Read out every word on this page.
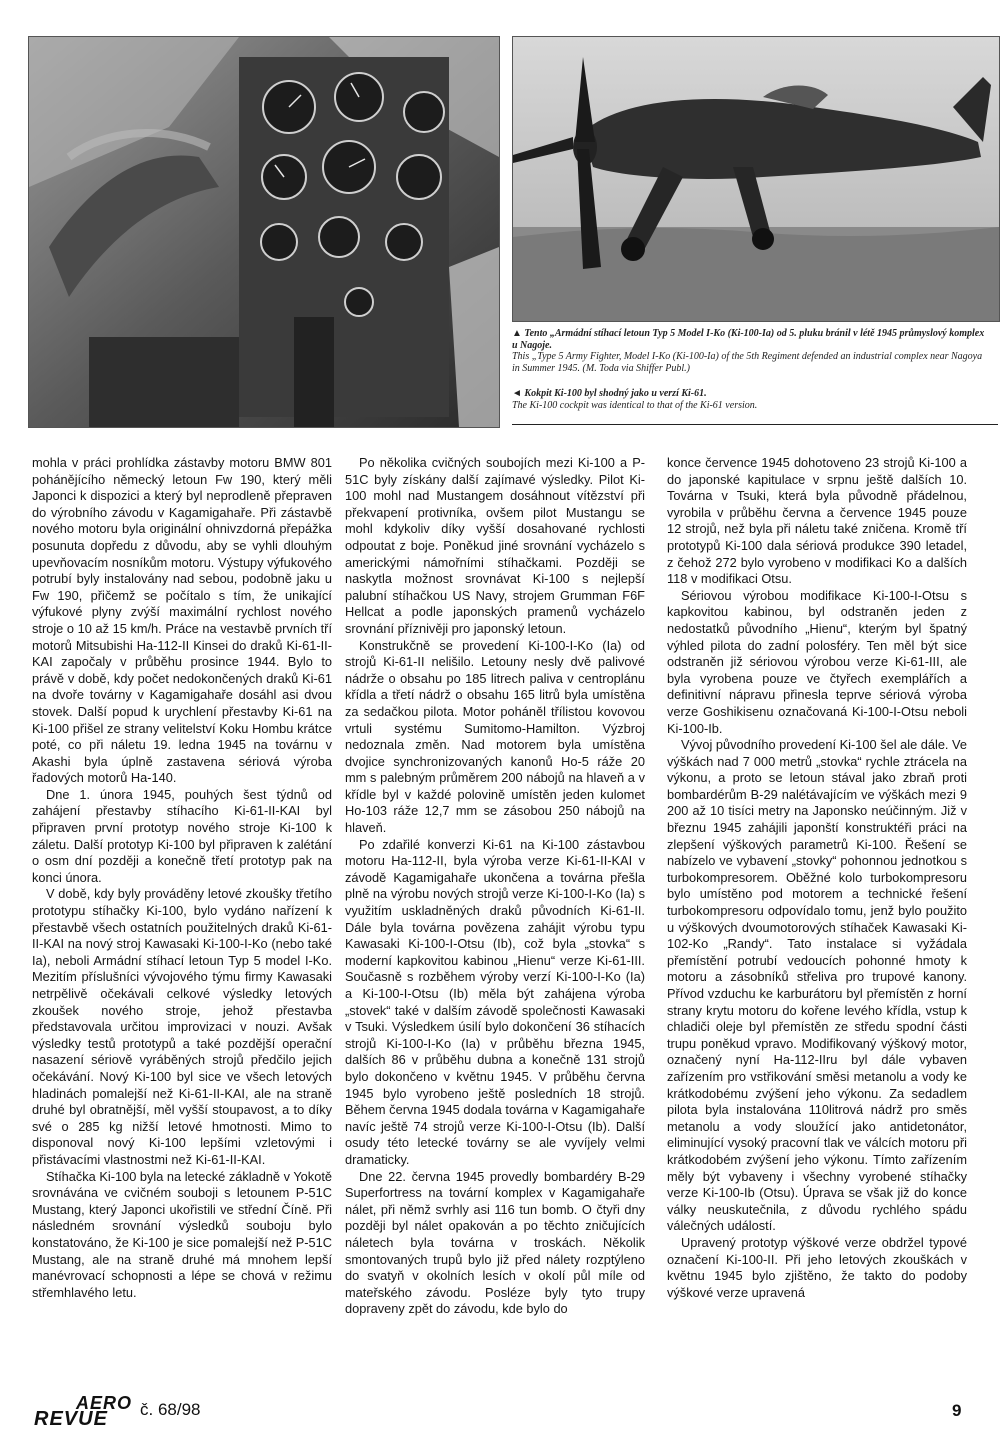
▲ Tento „Armádní stíhací letoun Typ 5 Model I-Ko (Ki-100-Ia) od 5. pluku bránil v létě 1945 průmyslový komplex u Nagoje.

This „Type 5 Army Fighter, Model I-Ko (Ki-100-Ia) of the 5th Regiment defended an industrial complex near Nagoya in Summer 1945. (M. Toda via Shiffer Publ.)

◄ Kokpit Ki-100 byl shodný jako u verzí Ki-61.

The Ki-100 cockpit was identical to that of the Ki-61 version.

mohla v práci prohlídka zástavby motoru BMW 801 pohánějícího německý letoun Fw 190, který měli Japonci k dispozici a který byl neprodleně přepraven do výrobního závodu v Kagamigahaře. Při zástavbě nového motoru byla originální ohnivzdorná přepážka posunuta dopředu z důvodu, aby se vyhli dlouhým upevňovacím nosníkům motoru. Výstupy výfukového potrubí byly instalovány nad sebou, podobně jaku u Fw 190, přičemž se počítalo s tím, že unikající výfukové plyny zvýší maximální rychlost nového stroje o 10 až 15 km/h. Práce na vestavbě prvních tří motorů Mitsubishi Ha-112-II Kinsei do draků Ki-61-II-KAI započaly v průběhu prosince 1944. Bylo to právě v době, kdy počet nedokončených draků Ki-61 na dvoře továrny v Kagamigahaře dosáhl asi dvou stovek. Další popud k urychlení přestavby Ki-61 na Ki-100 přišel ze strany velitelství Koku Hombu krátce poté, co při náletu 19. ledna 1945 na továrnu v Akashi byla úplně zastavena sériová výroba řadových motorů Ha-140.

Dne 1. února 1945, pouhých šest týdnů od zahájení přestavby stíhacího Ki-61-II-KAI byl připraven první prototyp nového stroje Ki-100 k záletu. Další prototyp Ki-100 byl připraven k zalétání o osm dní později a konečně třetí prototyp pak na konci února.

V době, kdy byly prováděny letové zkoušky třetího prototypu stíhačky Ki-100, bylo vydáno nařízení k přestavbě všech ostatních použitelných draků Ki-61-II-KAI na nový stroj Kawasaki Ki-100-I-Ko (nebo také Ia), neboli Armádní stíhací letoun Typ 5 model I-Ko. Mezitím příslušníci vývojového týmu firmy Kawasaki netrpělivě očekávali celkové výsledky letových zkoušek nového stroje, jehož přestavba představovala určitou improvizaci v nouzi. Avšak výsledky testů prototypů a také pozdější operační nasazení sériově vyráběných strojů předčilo jejich očekávání. Nový Ki-100 byl sice ve všech letových hladinách pomalejší než Ki-61-II-KAI, ale na straně druhé byl obratnější, měl vyšší stoupavost, a to díky své o 285 kg nižší letové hmotnosti. Mimo to disponoval nový Ki-100 lepšími vzletovými i přistávacími vlastnostmi než Ki-61-II-KAI.

Stíhačka Ki-100 byla na letecké základně v Yokotě srovnávána ve cvičném souboji s letounem P-51C Mustang, který Japonci ukořistili ve střední Číně. Při následném srovnání výsledků souboju bylo konstatováno, že Ki-100 je sice pomalejší než P-51C Mustang, ale na straně druhé má mnohem lepší manévrovací schopnosti a lépe se chová v režimu střemhlavého letu.

Po několika cvičných soubojích mezi Ki-100 a P-51C byly získány další zajímavé výsledky. Pilot Ki-100 mohl nad Mustangem dosáhnout vítězství při překvapení protivníka, ovšem pilot Mustangu se mohl kdykoliv díky vyšší dosahované rychlosti odpoutat z boje. Poněkud jiné srovnání vycházelo s americkými námořními stíhačkami. Později se naskytla možnost srovnávat Ki-100 s nejlepší palubní stíhačkou US Navy, strojem Grumman F6F Hellcat a podle japonských pramenů vycházelo srovnání příznivěji pro japonský letoun.

Konstrukčně se provedení Ki-100-I-Ko (Ia) od strojů Ki-61-II nelišilo. Letouny nesly dvě palivové nádrže o obsahu po 185 litrech paliva v centroplánu křídla a třetí nádrž o obsahu 165 litrů byla umístěna za sedačkou pilota. Motor poháněl třílistou kovovou vrtuli systému Sumitomo-Hamilton. Výzbroj nedoznala změn. Nad motorem byla umístěna dvojice synchronizovaných kanonů Ho-5 ráže 20 mm s palebným průměrem 200 nábojů na hlaveň a v křídle byl v každé polovině umístěn jeden kulomet Ho-103 ráže 12,7 mm se zásobou 250 nábojů na hlaveň.

Po zdařilé konverzi Ki-61 na Ki-100 zástavbou motoru Ha-112-II, byla výroba verze Ki-61-II-KAI v závodě Kagamigahaře ukončena a továrna přešla plně na výrobu nových strojů verze Ki-100-I-Ko (Ia) s využitím uskladněných draků původních Ki-61-II. Dále byla továrna povězena zahájit výrobu typu Kawasaki Ki-100-I-Otsu (Ib), což byla „stovka“ s moderní kapkovitou kabinou „Hienu“ verze Ki-61-III. Současně s rozběhem výroby verzí Ki-100-I-Ko (Ia) a Ki-100-I-Otsu (Ib) měla být zahájena výroba „stovek“ také v dalším závodě společnosti Kawasaki v Tsuki. Výsledkem úsilí bylo dokončení 36 stíhacích strojů Ki-100-I-Ko (Ia) v průběhu března 1945, dalších 86 v průběhu dubna a konečně 131 strojů bylo dokončeno v květnu 1945. V průběhu června 1945 bylo vyrobeno ještě posledních 18 strojů. Během června 1945 dodala továrna v Kagamigahaře navíc ještě 74 strojů verze Ki-100-I-Otsu (Ib). Další osudy této letecké továrny se ale vyvíjely velmi dramaticky.

Dne 22. června 1945 provedly bombardéry B-29 Superfortress na tovární komplex v Kagamigahaře nálet, při němž svrhly asi 116 tun bomb. O čtyři dny později byl nálet opakován a po těchto zničujících náletech byla továrna v troskách. Několik smontovaných trupů bylo již před nálety rozptýleno do svatyň v okolních lesích v okolí půl míle od mateřského závodu. Posléze byly tyto trupy dopraveny zpět do závodu, kde bylo do

konce července 1945 dohotoveno 23 strojů Ki-100 a do japonské kapitulace v srpnu ještě dalších 10. Továrna v Tsuki, která byla původně přádelnou, vyrobila v průběhu června a července 1945 pouze 12 strojů, než byla při náletu také zničena. Kromě tří prototypů Ki-100 dala sériová produkce 390 letadel, z čehož 272 bylo vyrobeno v modifikaci Ko a dalších 118 v modifikaci Otsu.

Sériovou výrobou modifikace Ki-100-I-Otsu s kapkovitou kabinou, byl odstraněn jeden z nedostatků původního „Hienu“, kterým byl špatný výhled pilota do zadní polosféry. Ten měl být sice odstraněn již sériovou výrobou verze Ki-61-III, ale byla vyrobena pouze ve čtyřech exemplářích a definitivní nápravu přinesla teprve sériová výroba verze Goshikisenu označovaná Ki-100-I-Otsu neboli Ki-100-Ib.

Vývoj původního provedení Ki-100 šel ale dále. Ve výškách nad 7 000 metrů „stovka“ rychle ztrácela na výkonu, a proto se letoun stával jako zbraň proti bombardérům B-29 nalétávajícím ve výškách mezi 9 200 až 10 tisíci metry na Japonsko neúčinným. Již v březnu 1945 zahájili japonští konstruktéři práci na zlepšení výškových parametrů Ki-100. Řešení se nabízelo ve vybavení „stovky“ pohonnou jednotkou s turbokompresorem. Oběžné kolo turbokompresoru bylo umístěno pod motorem a technické řešení turbokompresoru odpovídalo tomu, jenž bylo použito u výškových dvoumotorových stíhaček Kawasaki Ki-102-Ko „Randy“. Tato instalace si vyžádala přemístění potrubí vedoucích pohonné hmoty k motoru a zásobníků střeliva pro trupové kanony. Přívod vzduchu ke karburátoru byl přemístěn z horní strany krytu motoru do kořene levého křídla, vstup k chladiči oleje byl přemístěn ze středu spodní části trupu poněkud vpravo. Modifikovaný výškový motor, označený nyní Ha-112-IIru byl dále vybaven zařízením pro vstřikování směsi metanolu a vody ke krátkodobému zvýšení jeho výkonu. Za sedadlem pilota byla instalována 110litrová nádrž pro směs metanolu a vody sloužící jako antidetonátor, eliminující vysoký pracovní tlak ve válcích motoru při krátkodobém zvýšení jeho výkonu. Tímto zařízením měly být vybaveny i všechny vyrobené stíhačky verze Ki-100-Ib (Otsu). Úprava se však již do konce války neuskutečnila, z důvodu rychlého spádu válečných událostí.

Upravený prototyp výškové verze obdržel typové označení Ki-100-II. Při jeho letových zkouškách v květnu 1945 bylo zjištěno, že takto do podoby výškové verze upravená

AERO
REVUE č. 68/98	9
